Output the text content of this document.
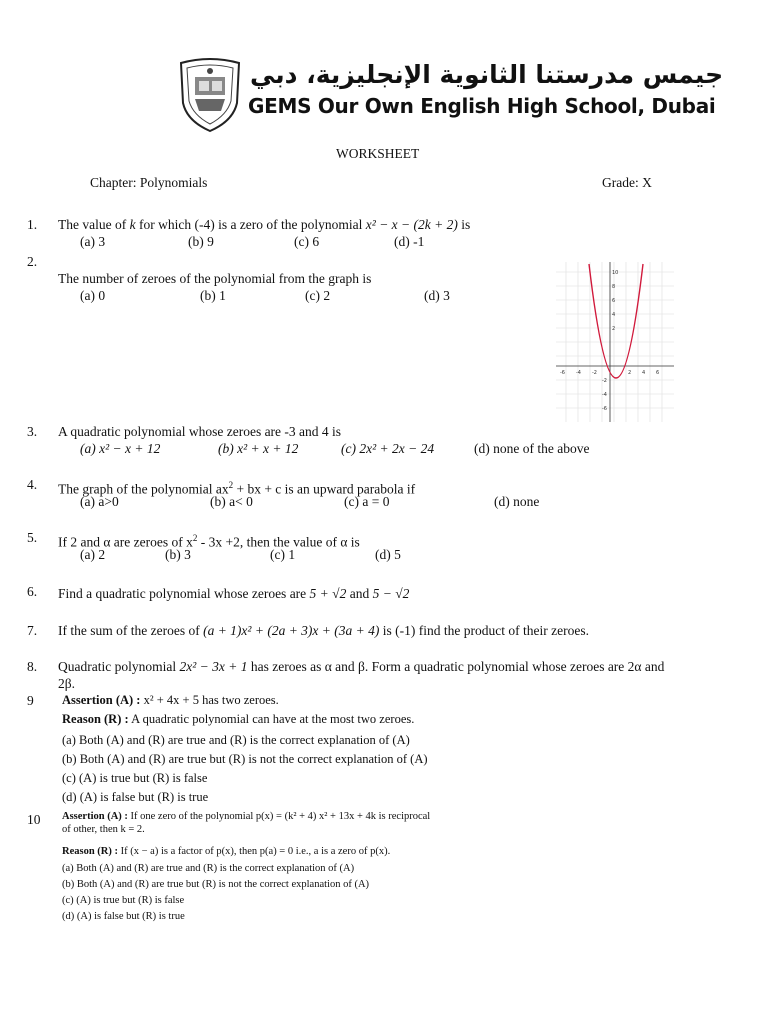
جيمس مدرستنا الثانوية الإنجليزية، دبي
GEMS Our Own English High School, Dubai
WORKSHEET
Chapter: Polynomials	Grade: X
1. The value of k for which (-4) is a zero of the polynomial x² − x − (2k + 2) is
(a) 3	(b) 9	(c) 6	(d) -1
2.
The number of zeroes of the polynomial from the graph is
(a) 0	(b) 1	(c) 2	(d) 3
-6 -4 -2	2 4 6
10
8
6
4
2
-2
-4
-6
3. A quadratic polynomial whose zeroes are -3 and 4 is
(a) x² − x + 12	(b) x² + x + 12	(c) 2x² + 2x − 24	(d) none of the above
4. The graph of the polynomial $ax^2$ + bx + c is an upward parabola if
(a) a>0	(b) a< 0	(c) a = 0	(d) none
5. If 2 and α are zeroes of $x^2 - 3x +2$, then the value of α is
(a) 2	(b) 3	(c) 1	(d) 5
6. Find a quadratic polynomial whose zeroes are 5 + √2 and 5 − √2
7. If the sum of the zeroes of (a + 1)x² + (2a + 3)x + (3a + 4) is (-1) find the product of their zeroes.
8. Quadratic polynomial 2x² − 3x + 1 has zeroes as α and β. Form a quadratic polynomial whose zeroes are 2α and
2β.
9 Assertion (A) : x² + 4x + 5 has two zeroes.
Reason (R) : A quadratic polynomial can have at the most two zeroes.
(a) Both (A) and (R) are true and (R) is the correct explanation of (A)
(b) Both (A) and (R) are true but (R) is not the correct explanation of (A)
(c) (A) is true but (R) is false
(d) (A) is false but (R) is true
10 Assertion (A) : If one zero of the polynomial p(x) = (k² + 4) x² + 13x + 4k is reciprocal
of other, then k = 2.
Reason (R) : If (x − a) is a factor of p(x), then p(a) = 0 i.e., a is a zero of p(x).
(a) Both (A) and (R) are true and (R) is the correct explanation of (A)
(b) Both (A) and (R) are true but (R) is not the correct explanation of (A)
(c) (A) is true but (R) is false
(d) (A) is false but (R) is true
